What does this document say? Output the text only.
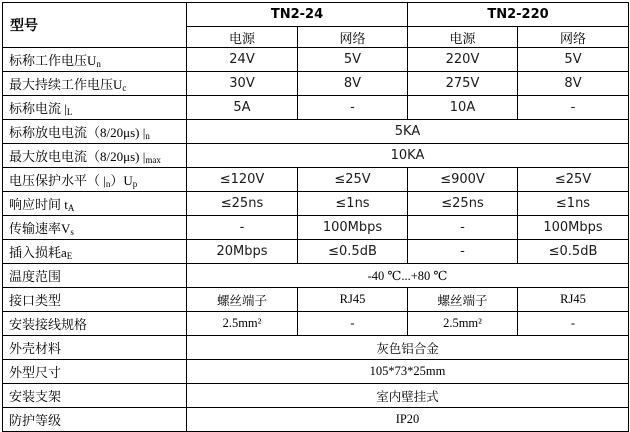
型号	TN2-24		TN2-220	
	电源	网络	电源	网络
标称工作电压$U_n$	24V	5V	220V	5V
最大持续工作电压$U_c$	30V	8V	275V	8V
标称电流 $|_L$	5A	-	10A	-
标称放电电流（8/20μs) $|_n$	5KA			
最大放电电流（8/20μs) $|_{max}$	10KA			
电压保护水平（ $|_n)U_p$	≤120V	≤25V	≤900V	≤25V
响应时间 $t_A$	≤25ns	≤1ns	≤25ns	≤1ns
传输速率$V_s$	-	100Mbps	-	100Mbps
插入损耗$a_E$	20Mbps	≤0.5dB	-	≤0.5dB
温度范围	-40 ℃...+80 ℃			
接口类型	螺丝端子	RJ45	螺丝端子	RJ45
安装接线规格	2.5mm²	-	2.5mm²	-
外壳材料	灰色铝合金			
外型尺寸	105*73*25mm			
安装支架	室内壁挂式			
防护等级	IP20			
